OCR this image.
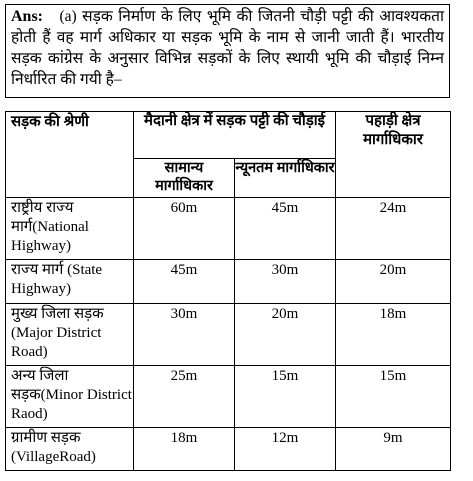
Ans: (a) सड़क निर्माण के लिए भूमि की जितनी चौड़ी पट्टी की आवश्यकता होती हैं वह मार्ग अधिकार या सड़क भूमि के नाम से जानी जाती हैं। भारतीय सड़क कांग्रेस के अनुसार विभिन्न सड़कों के लिए स्थायी भूमि की चौड़ाई निम्न निर्धारित की गयी है–
सड़क की श्रेणी	मैदानी क्षेत्र में सड़क पट्टी की चौड़ाई		पहाड़ी क्षेत्र मार्गाधिकार
	सामान्य मार्गाधिकार	न्यूनतम मार्गाधिकार	
राष्ट्रीय राज्य मार्ग(National Highway)	60m	45m	24m
राज्य मार्ग (State Highway)	45m	30m	20m
मुख्य जिला सड़क (Major District Road)	30m	20m	18m
अन्य जिला सड़क(Minor District Raod)	25m	15m	15m
ग्रामीण सड़क (VillageRoad)	18m	12m	9m
